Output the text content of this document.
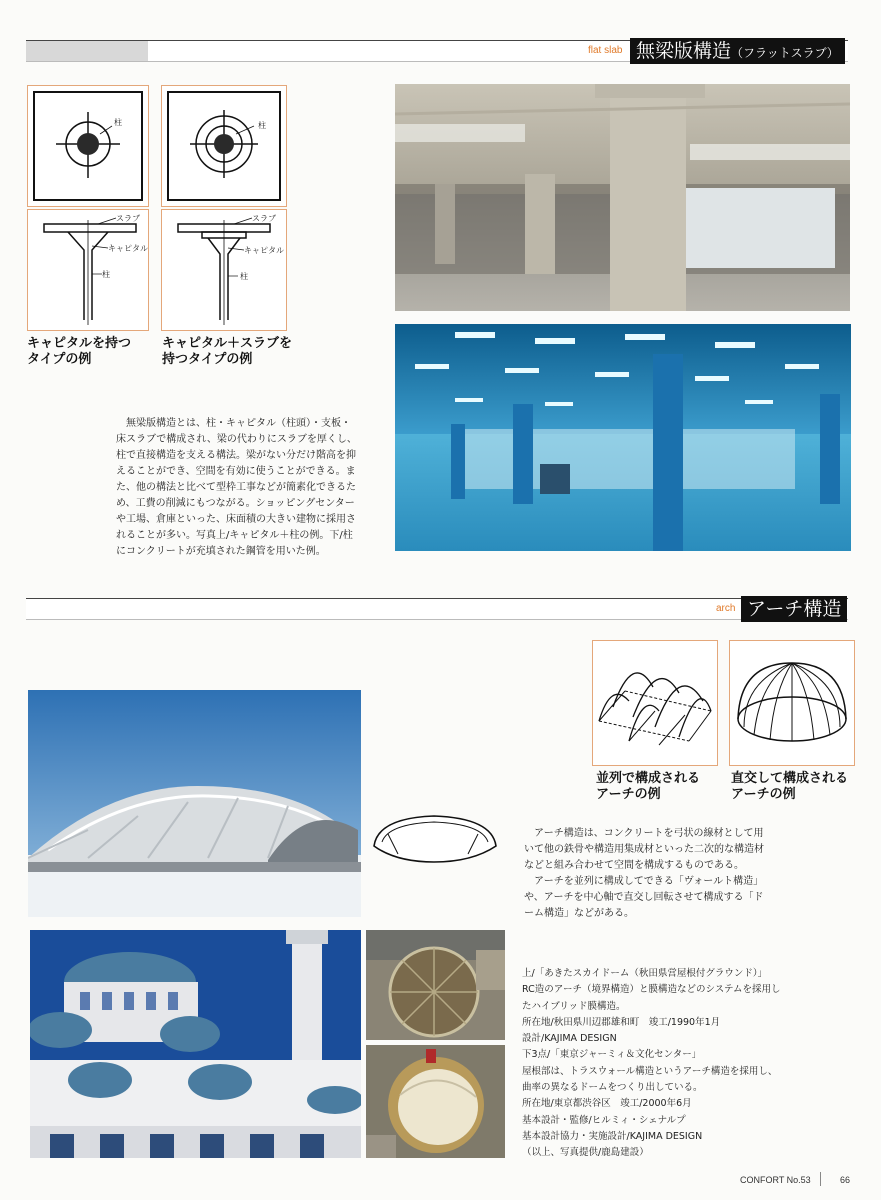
flat slab 無梁版構造（フラットスラブ）
柱
スラブ
キャピタル
柱
柱
スラブ
キャピタル
柱
キャピタルを持つ
タイプの例
キャピタル＋スラブを
持つタイプの例
無梁版構造とは、柱・キャピタル（柱頭）・支板・
床スラブで構成され、梁の代わりにスラブを厚くし、
柱で直接構造を支える構法。梁がない分だけ階高を抑
えることができ、空間を有効に使うことができる。ま
た、他の構法と比べて型枠工事などが簡素化できるた
め、工費の削減にもつながる。ショッピングセンター
や工場、倉庫といった、床面積の大きい建物に採用さ
れることが多い。写真上/キャピタル＋柱の例。下/柱
にコンクリートが充填された鋼管を用いた例。
arch アーチ構造
並列で構成される
アーチの例
直交して構成される
アーチの例
アーチ構造は、コンクリートを弓状の線材として用
いて他の鉄骨や構造用集成材といった二次的な構造材
などと組み合わせて空間を構成するものである。
アーチを並列に構成してできる「ヴォールト構造」
や、アーチを中心軸で直交し回転させて構成する「ド
ーム構造」などがある。
上/「あきたスカイドーム（秋田県営屋根付グラウンド）」
RC造のアーチ（境界構造）と膜構造などのシステムを採用し
たハイブリッド膜構造。
所在地/秋田県川辺郡雄和町　竣工/1990年1月
設計/KAJIMA DESIGN
下3点/「東京ジャーミィ＆文化センター」
屋根部は、トラスウォール構造というアーチ構造を採用し、
曲率の異なるドームをつくり出している。
所在地/東京都渋谷区　竣工/2000年6月
基本設計・監修/ヒルミィ・シェナルプ
基本設計協力・実施設計/KAJIMA DESIGN
（以上、写真提供/鹿島建設）
CONFORT No.53	66
